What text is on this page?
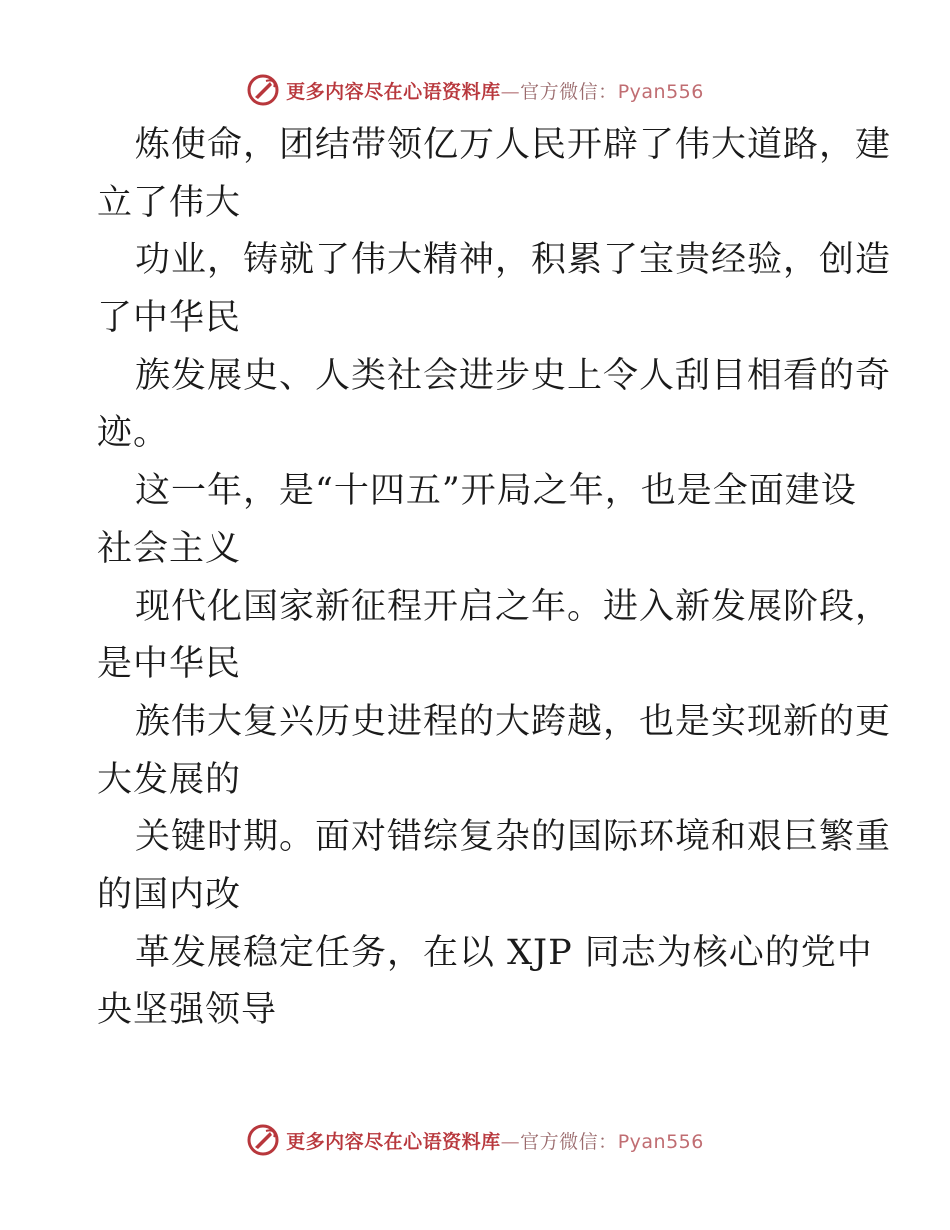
更多内容尽在心语资料库—官方微信：Pyan556
炼使命，团结带领亿万人民开辟了伟大道路，建
立了伟大
功业，铸就了伟大精神，积累了宝贵经验，创造
了中华民
族发展史、人类社会进步史上令人刮目相看的奇
迹。
这一年，是“十四五”开局之年，也是全面建设
社会主义
现代化国家新征程开启之年。进入新发展阶段，
是中华民
族伟大复兴历史进程的大跨越，也是实现新的更
大发展的
关键时期。面对错综复杂的国际环境和艰巨繁重
的国内改
革发展稳定任务，在以 XJP 同志为核心的党中
央坚强领导
更多内容尽在心语资料库—官方微信：Pyan556
